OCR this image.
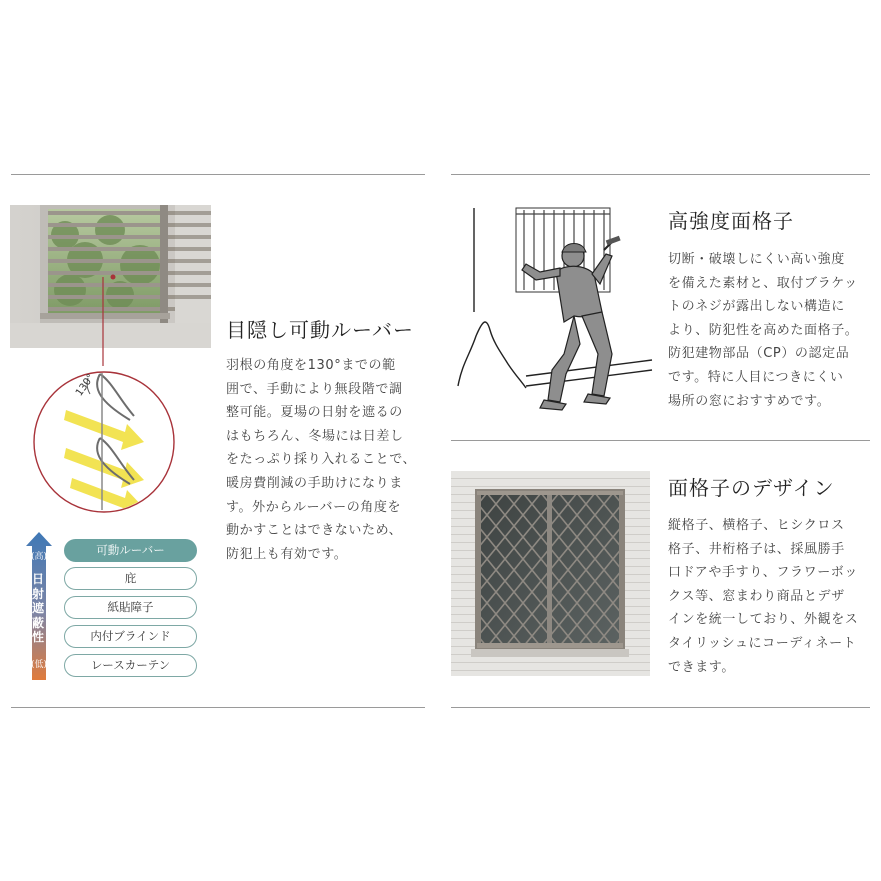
130°
(高)
日
射
遮
蔽
性
(低)
可動ルーバー
庇
紙貼障子
内付ブラインド
レースカーテン
目隠し可動ルーバー
羽根の角度を130°までの範
囲で、手動により無段階で調
整可能。夏場の日射を遮るの
はもちろん、冬場には日差し
をたっぷり採り入れることで、
暖房費削減の手助けになりま
す。外からルーバーの角度を
動かすことはできないため、
防犯上も有効です。
高強度面格子
切断・破壊しにくい高い強度
を備えた素材と、取付ブラケッ
トのネジが露出しない構造に
より、防犯性を高めた面格子。
防犯建物部品（CP）の認定品
です。特に人目につきにくい
場所の窓におすすめです。
面格子のデザイン
縦格子、横格子、ヒシクロス
格子、井桁格子は、採風勝手
口ドアや手すり、フラワーボッ
クス等、窓まわり商品とデザ
インを統一しており、外観をス
タイリッシュにコーディネート
できます。
